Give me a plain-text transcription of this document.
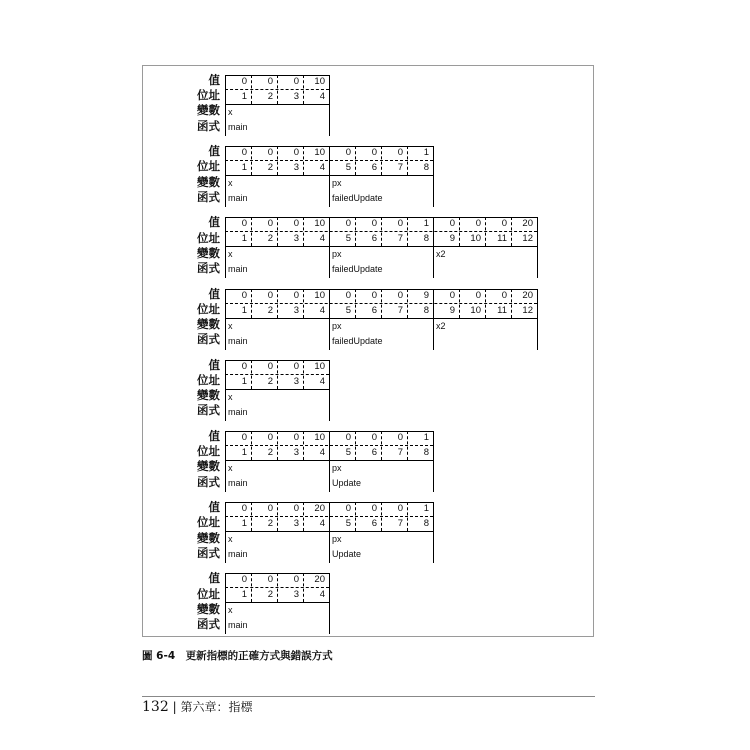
值
位址
變數
函式
0
1
0
2
0
3
10
4
x
main
值
位址
變數
函式
0
1
0
2
0
3
10
4
x
main
0
5
0
6
0
7
1
8
px
failedUpdate
值
位址
變數
函式
0
1
0
2
0
3
10
4
x
main
0
5
0
6
0
7
1
8
px
failedUpdate
0
9
0
10
0
11
20
12
x2
值
位址
變數
函式
0
1
0
2
0
3
10
4
x
main
0
5
0
6
0
7
9
8
px
failedUpdate
0
9
0
10
0
11
20
12
x2
值
位址
變數
函式
0
1
0
2
0
3
10
4
x
main
值
位址
變數
函式
0
1
0
2
0
3
10
4
x
main
0
5
0
6
0
7
1
8
px
Update
值
位址
變數
函式
0
1
0
2
0
3
20
4
x
main
0
5
0
6
0
7
1
8
px
Update
值
位址
變數
函式
0
1
0
2
0
3
20
4
x
main
圖 6-4　更新指標的正確方式與錯誤方式
132 | 第六章：指標
